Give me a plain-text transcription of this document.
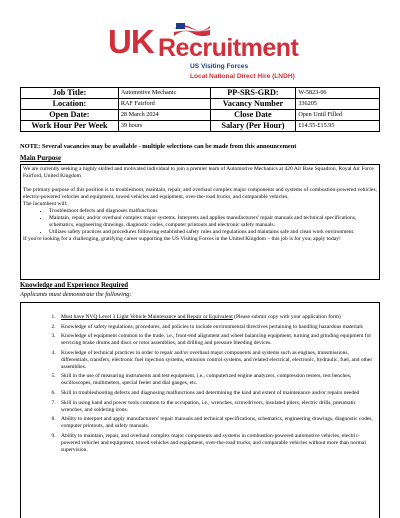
UK Recruitment
US Visiting Forces
Local National Direct Hire (LNDH)
Job Title:	Automotive Mechanic	PP-SRS-GRD:	W-5823-06
Location:	RAF Fairford	Vacancy Number	336205
Open Date:	28 March 2024	Close Date	Open Until Filled
Work Hour Per Week	39 hours	Salary (Per Hour)	£14.55-£15.95
NOTE: Several vacancies may be available - multiple selections can be made from this announcement
Main Purpose

We are currently seeking a highly skilled and motivated individual to join a premier team of Automotive Mechanics at 420 Air Base Squadron, Royal Air Force Fairford, United Kingdom

The primary purpose of this position is to troubleshoot, maintain, repair, and overhaul complex major components and systems of combustion-powered vehicles, electric-powered vehicles and equipment, towed vehicles and equipment, over-the-road trucks, and comparable vehicles.

The incumbent will:

• Troubleshoot defects and diagnoses malfunctions
• Maintain, repair, and/or overhaul complex major systems. Interprets and applies manufacturers' repair manuals and technical specifications, schematics, engineering drawings, diagnostic codes, computer printouts and electronic safety manuals.
• Utilizes safety practices and procedures following established safety rules and regulations and maintains safe and clean work environment.

If you're looking for a challenging, gratifying career supporting the US Visiting Forces in the United Kingdom – this job is for you; apply today!

Knowledge and Experience Required
Applicants must demonstrate the following:
1. Must have NVQ Level 3 Light Vehicle Maintenance and Repair or Equivalent (Please submit copy with your application form)
2. Knowledge of safety regulations, procedures, and policies to include environmental directives pertaining to handling hazardous materials
3. Knowledge of equipment common to the trade, i.e., front-end alignment and wheel balancing equipment, turning and grinding equipment for servicing brake drums and discs or rotor assemblies, and drilling and pressure bleeding devices.
4. Knowledge of technical practices in order to repair and/or overhaul major components and systems such as engines, transmissions, differentials, transfers, electronic fuel injection systems, emission control systems, and related electrical, electronic, hydraulic, fuel, and other assemblies.
5. Skill in the use of measuring instruments and test equipment, i.e., computerized engine analyzers, compression testers, test benches, oscilloscopes, multimeters, special feeler and dial gauges, etc.
6. Skill in troubleshooting defects and diagnosing malfunctions and determining the kind and extent of maintenance and/or repairs needed
7. Skill in using hand and power tools common to the occupation, i.e., wrenches, screwdrivers, insulated pliers, electric drills, pneumatic wrenches, and soldering irons.
8. Ability to interpret and apply manufacturers' repair manuals and technical specifications, schematics, engineering drawings, diagnostic codes, computer printouts, and safety manuals.
9. Ability to maintain, repair, and overhaul complex major components and systems in combustion-powered automotive vehicles, electric-powered vehicles and equipment, towed vehicles and equipment, over-the-road trucks, and comparable vehicles without more than normal supervision.
